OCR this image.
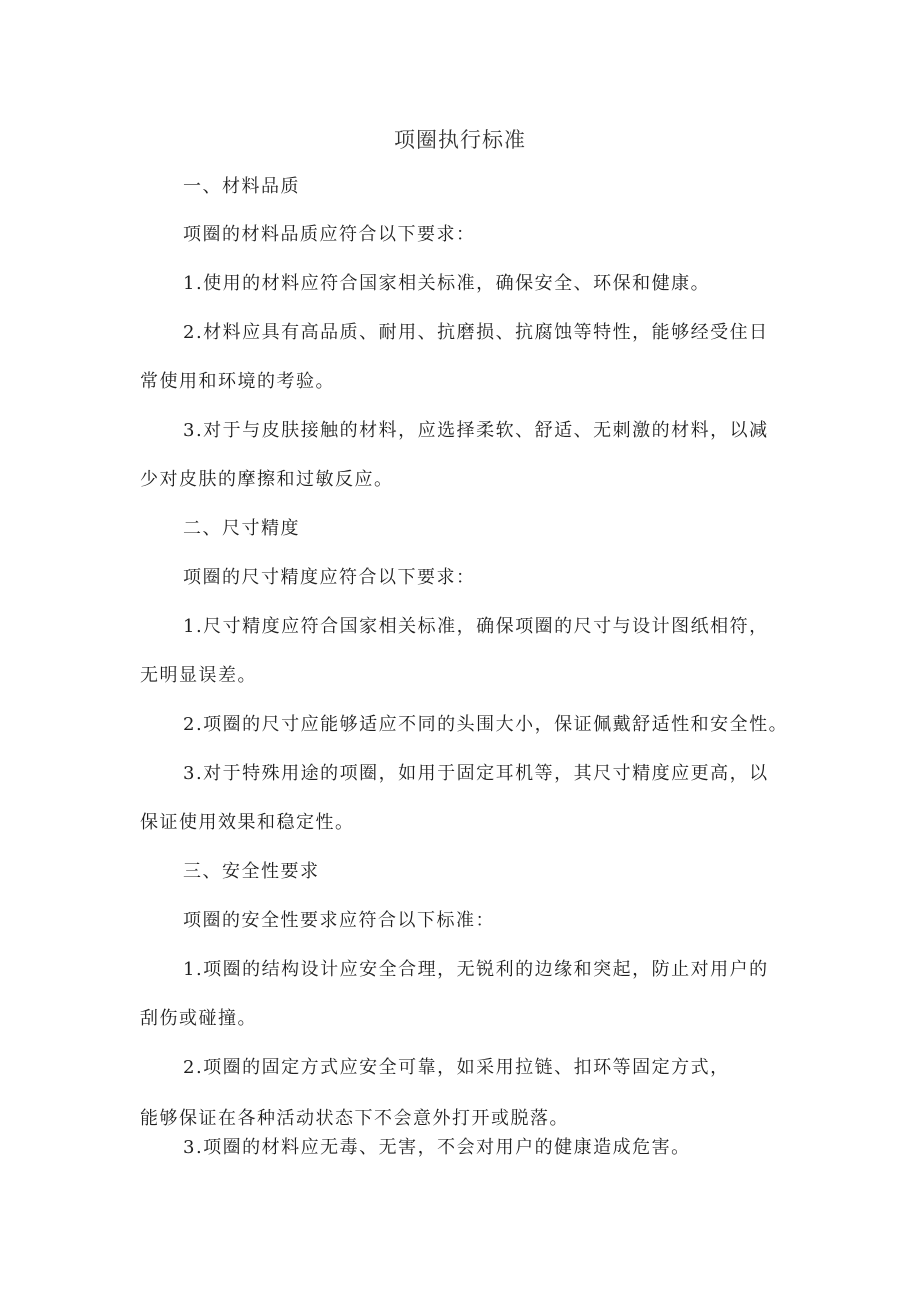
项圈执行标准
一、材料品质
项圈的材料品质应符合以下要求：
1.使用的材料应符合国家相关标准，确保安全、环保和健康。
2.材料应具有高品质、耐用、抗磨损、抗腐蚀等特性，能够经受住日
常使用和环境的考验。
3.对于与皮肤接触的材料，应选择柔软、舒适、无刺激的材料，以减
少对皮肤的摩擦和过敏反应。
二、尺寸精度
项圈的尺寸精度应符合以下要求：
1.尺寸精度应符合国家相关标准，确保项圈的尺寸与设计图纸相符，
无明显误差。
2.项圈的尺寸应能够适应不同的头围大小，保证佩戴舒适性和安全性。
3.对于特殊用途的项圈，如用于固定耳机等，其尺寸精度应更高，以
保证使用效果和稳定性。
三、安全性要求
项圈的安全性要求应符合以下标准：
1.项圈的结构设计应安全合理，无锐利的边缘和突起，防止对用户的
刮伤或碰撞。
2.项圈的固定方式应安全可靠，如采用拉链、扣环等固定方式，
能够保证在各种活动状态下不会意外打开或脱落。
3.项圈的材料应无毒、无害，不会对用户的健康造成危害。
